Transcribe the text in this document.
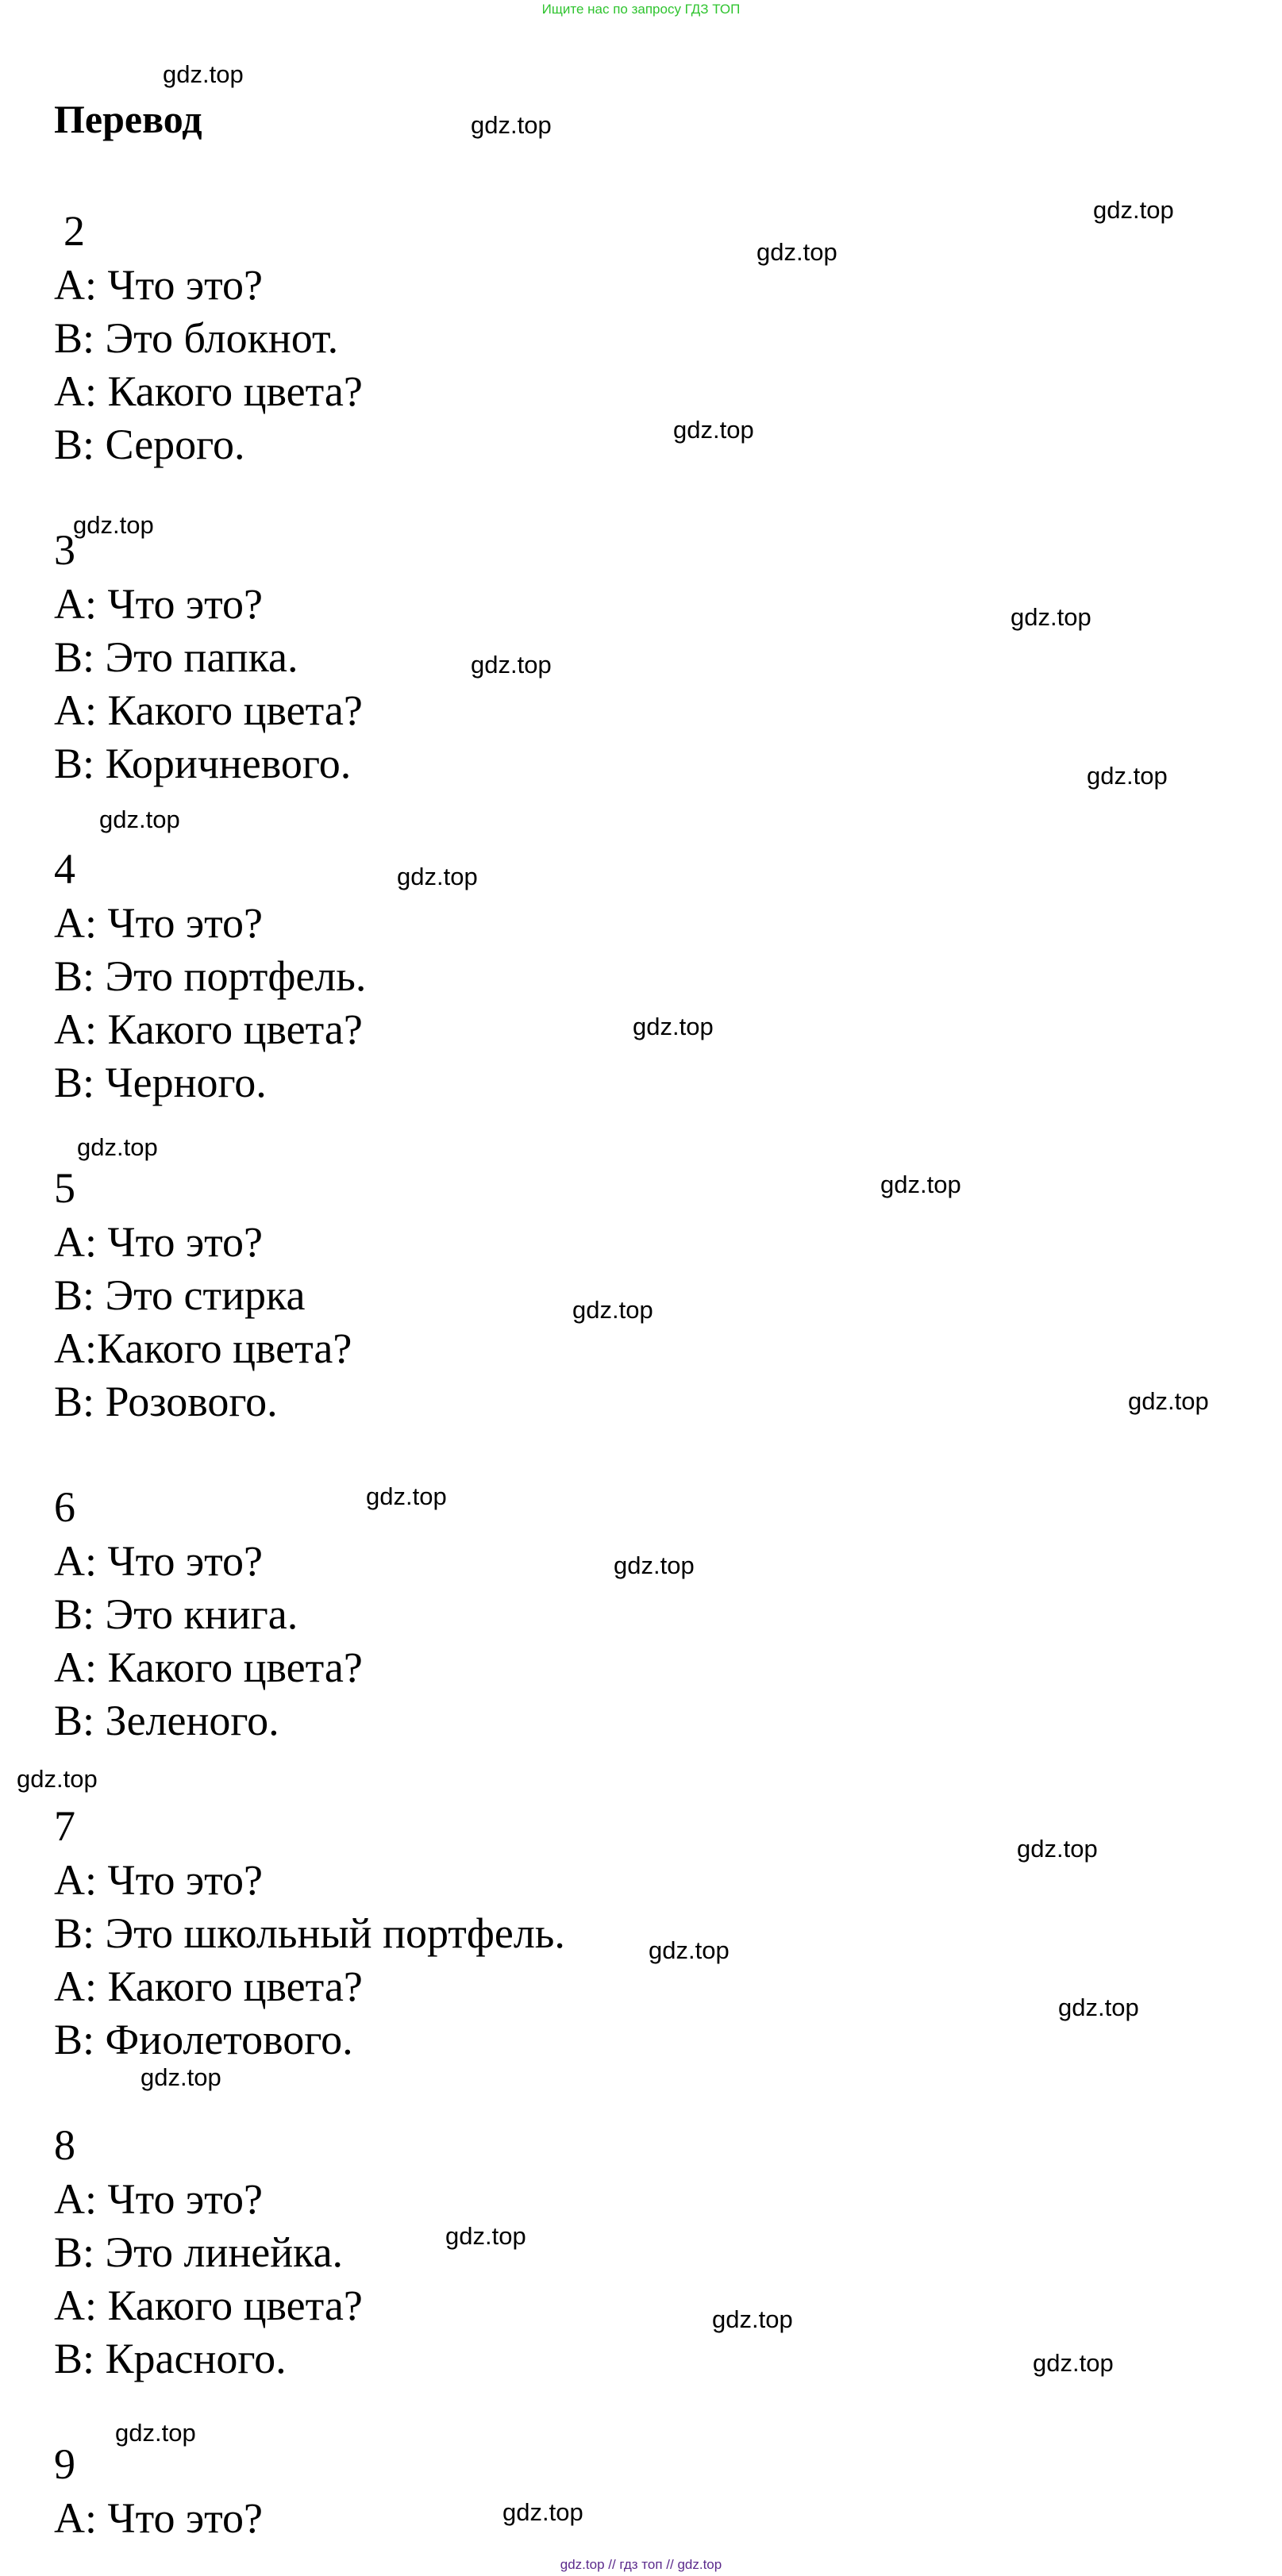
Ищите нас по запросу ГДЗ ТОП
Перевод
2
A: Что это?
B: Это блокнот.
A: Какого цвета?
B: Серого.
3
A: Что это?
B: Это папка.
A: Какого цвета?
B: Коричневого.
4
A: Что это?
B: Это портфель.
A: Какого цвета?
B: Черного.
5
A: Что это?
B: Это стирка
A:Какого цвета?
B: Розового.
6
A: Что это?
B: Это книга.
A: Какого цвета?
B: Зеленого.
7
A: Что это?
B: Это школьный портфель.
A: Какого цвета?
B: Фиолетового.
8
A: Что это?
B: Это линейка.
A: Какого цвета?
B: Красного.
9
A: Что это?
gdz.top
gdz.top
gdz.top
gdz.top
gdz.top
gdz.top
gdz.top
gdz.top
gdz.top
gdz.top
gdz.top
gdz.top
gdz.top
gdz.top
gdz.top
gdz.top
gdz.top
gdz.top
gdz.top
gdz.top
gdz.top
gdz.top
gdz.top
gdz.top
gdz.top
gdz.top
gdz.top
gdz.top
gdz.top // гдз топ // gdz.top
